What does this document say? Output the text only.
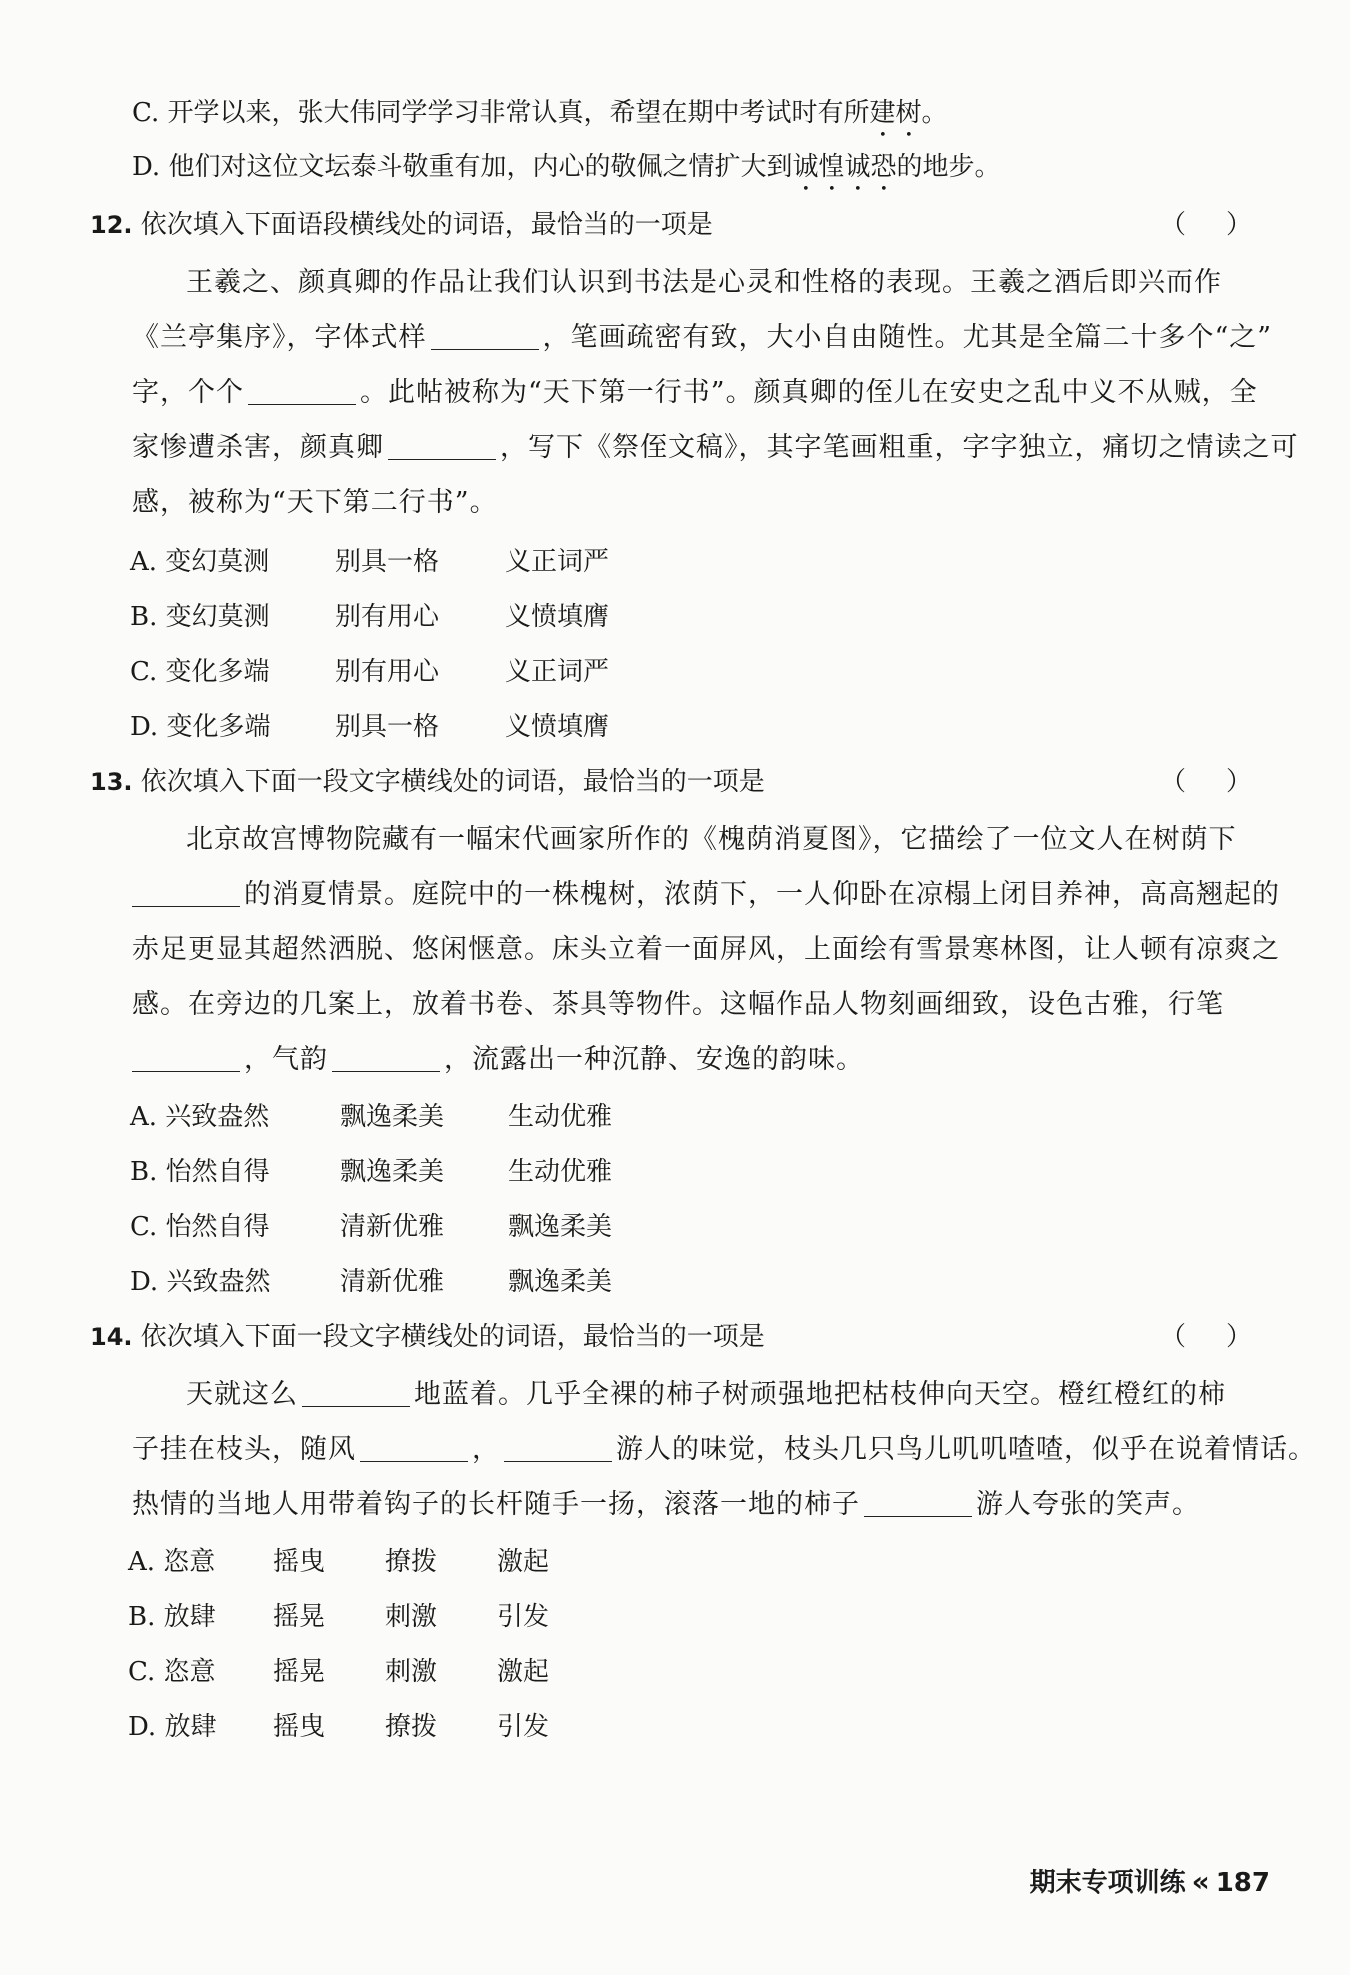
C. 开学以来，张大伟同学学习非常认真，希望在期中考试时有所建树。
D. 他们对这位文坛泰斗敬重有加，内心的敬佩之情扩大到诚惶诚恐的地步。
12. 依次填入下面语段横线处的词语，最恰当的一项是	（）
王羲之、颜真卿的作品让我们认识到书法是心灵和性格的表现。王羲之酒后即兴而作
《兰亭集序》，字体式样	，笔画疏密有致，大小自由随性。尤其是全篇二十多个“之”
字，个个	。此帖被称为“天下第一行书”。颜真卿的侄儿在安史之乱中义不从贼，全
家惨遭杀害，颜真卿	，写下《祭侄文稿》，其字笔画粗重，字字独立，痛切之情读之可
感，被称为“天下第二行书”。
A. 变幻莫测	别具一格	义正词严
B. 变幻莫测	别有用心	义愤填膺
C. 变化多端	别有用心	义正词严
D. 变化多端 别具一格	义愤填膺
13. 依次填入下面一段文字横线处的词语，最恰当的一项是	（）
北京故宫博物院藏有一幅宋代画家所作的《槐荫消夏图》，它描绘了一位文人在树荫下
的消夏情景。庭院中的一株槐树，浓荫下，一人仰卧在凉榻上闭目养神，高高翘起的
赤足更显其超然洒脱、悠闲惬意。床头立着一面屏风，上面绘有雪景寒林图，让人顿有凉爽之
感。在旁边的几案上，放着书卷、茶具等物件。这幅作品人物刻画细致，设色古雅，行笔
，气韵	，流露出一种沉静、安逸的韵味。
A. 兴致盎然	飘逸柔美 生动优雅
B. 怡然自得	飘逸柔美 生动优雅
C. 怡然自得	清新优雅 飘逸柔美
D. 兴致盎然	清新优雅 飘逸柔美
14. 依次填入下面一段文字横线处的词语，最恰当的一项是	（）
天就这么	地蓝着。几乎全裸的柿子树顽强地把枯枝伸向天空。橙红橙红的柿
子挂在枝头，随风	，	游人的味觉，枝头几只鸟儿叽叽喳喳，似乎在说着情话。
热情的当地人用带着钩子的长杆随手一扬，滚落一地的柿子	游人夸张的笑声。
A. 恣意 摇曳 撩拨 激起
B. 放肆 摇晃 刺激 引发
C. 恣意 摇晃 刺激 激起
D. 放肆 摇曳 撩拨 引发
期末专项训练 « 187
